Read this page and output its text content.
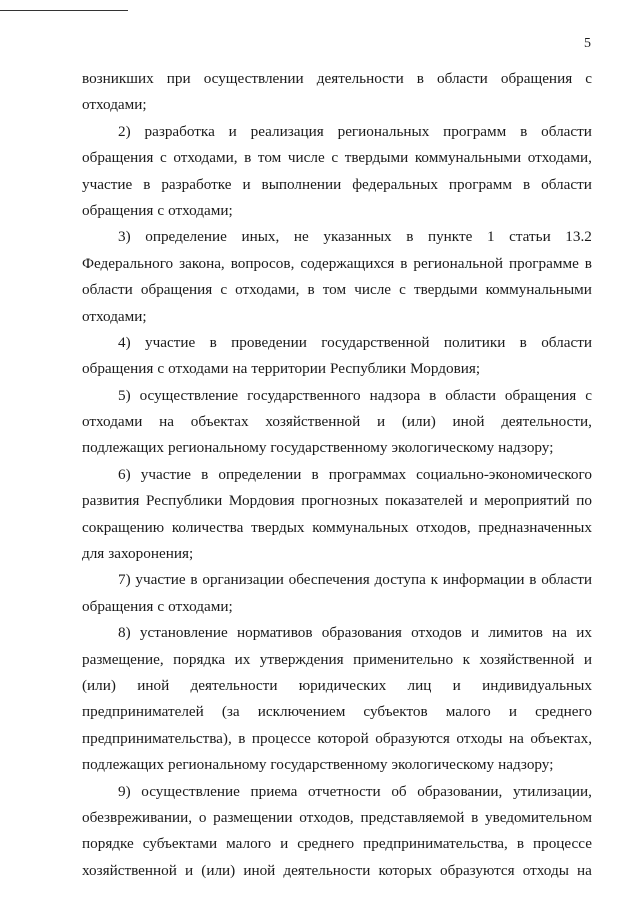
5
возникших при осуществлении деятельности в области обращения с
отходами;
2) разработка и реализация региональных программ в области
обращения с отходами, в том числе с твердыми коммунальными отходами,
участие в разработке и выполнении федеральных программ в области
обращения с отходами;
3) определение иных, не указанных в пункте 1 статьи 13.2
Федерального закона, вопросов, содержащихся в региональной программе в
области обращения с отходами, в том числе с твердыми коммунальными
отходами;
4) участие в проведении государственной политики в области
обращения с отходами на территории Республики Мордовия;
5) осуществление государственного надзора в области обращения с
отходами на объектах хозяйственной и (или) иной деятельности,
подлежащих региональному государственному экологическому надзору;
6) участие в определении в программах социально-экономического
развития Республики Мордовия прогнозных показателей и мероприятий по
сокращению количества твердых коммунальных отходов, предназначенных
для захоронения;
7) участие в организации обеспечения доступа к информации в области
обращения с отходами;
8) установление нормативов образования отходов и лимитов на их
размещение, порядка их утверждения применительно к хозяйственной и
(или) иной деятельности юридических лиц и индивидуальных
предпринимателей (за исключением субъектов малого и среднего
предпринимательства), в процессе которой образуются отходы на объектах,
подлежащих региональному государственному экологическому надзору;
9) осуществление приема отчетности об образовании, утилизации,
обезвреживании, о размещении отходов, представляемой в уведомительном
порядке субъектами малого и среднего предпринимательства, в процессе
хозяйственной и (или) иной деятельности которых образуются отходы на
